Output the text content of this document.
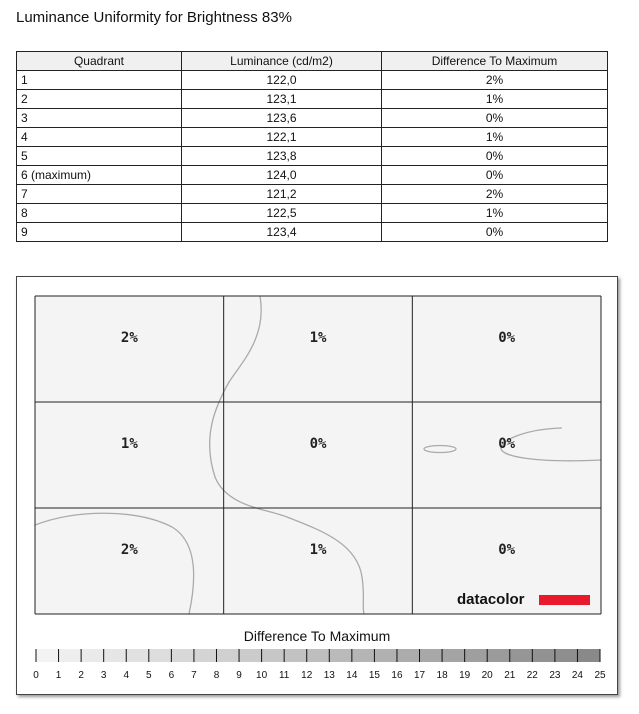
Luminance Uniformity for Brightness 83%
Quadrant	Luminance (cd/m2)	Difference To Maximum
1	122,0	2%
2	123,1	1%
3	123,6	0%
4	122,1	1%
5	123,8	0%
6 (maximum)	124,0	0%
7	121,2	2%
8	122,5	1%
9	123,4	0%
2%	1%	0%
1%	0%	0%
2%	1%	0%
datacolor
Difference To Maximum
0 1 2 3 4 5 6 7 8 9 10 11 12 13 14 15 16 17 18 19 20 21 22 23 24 25
